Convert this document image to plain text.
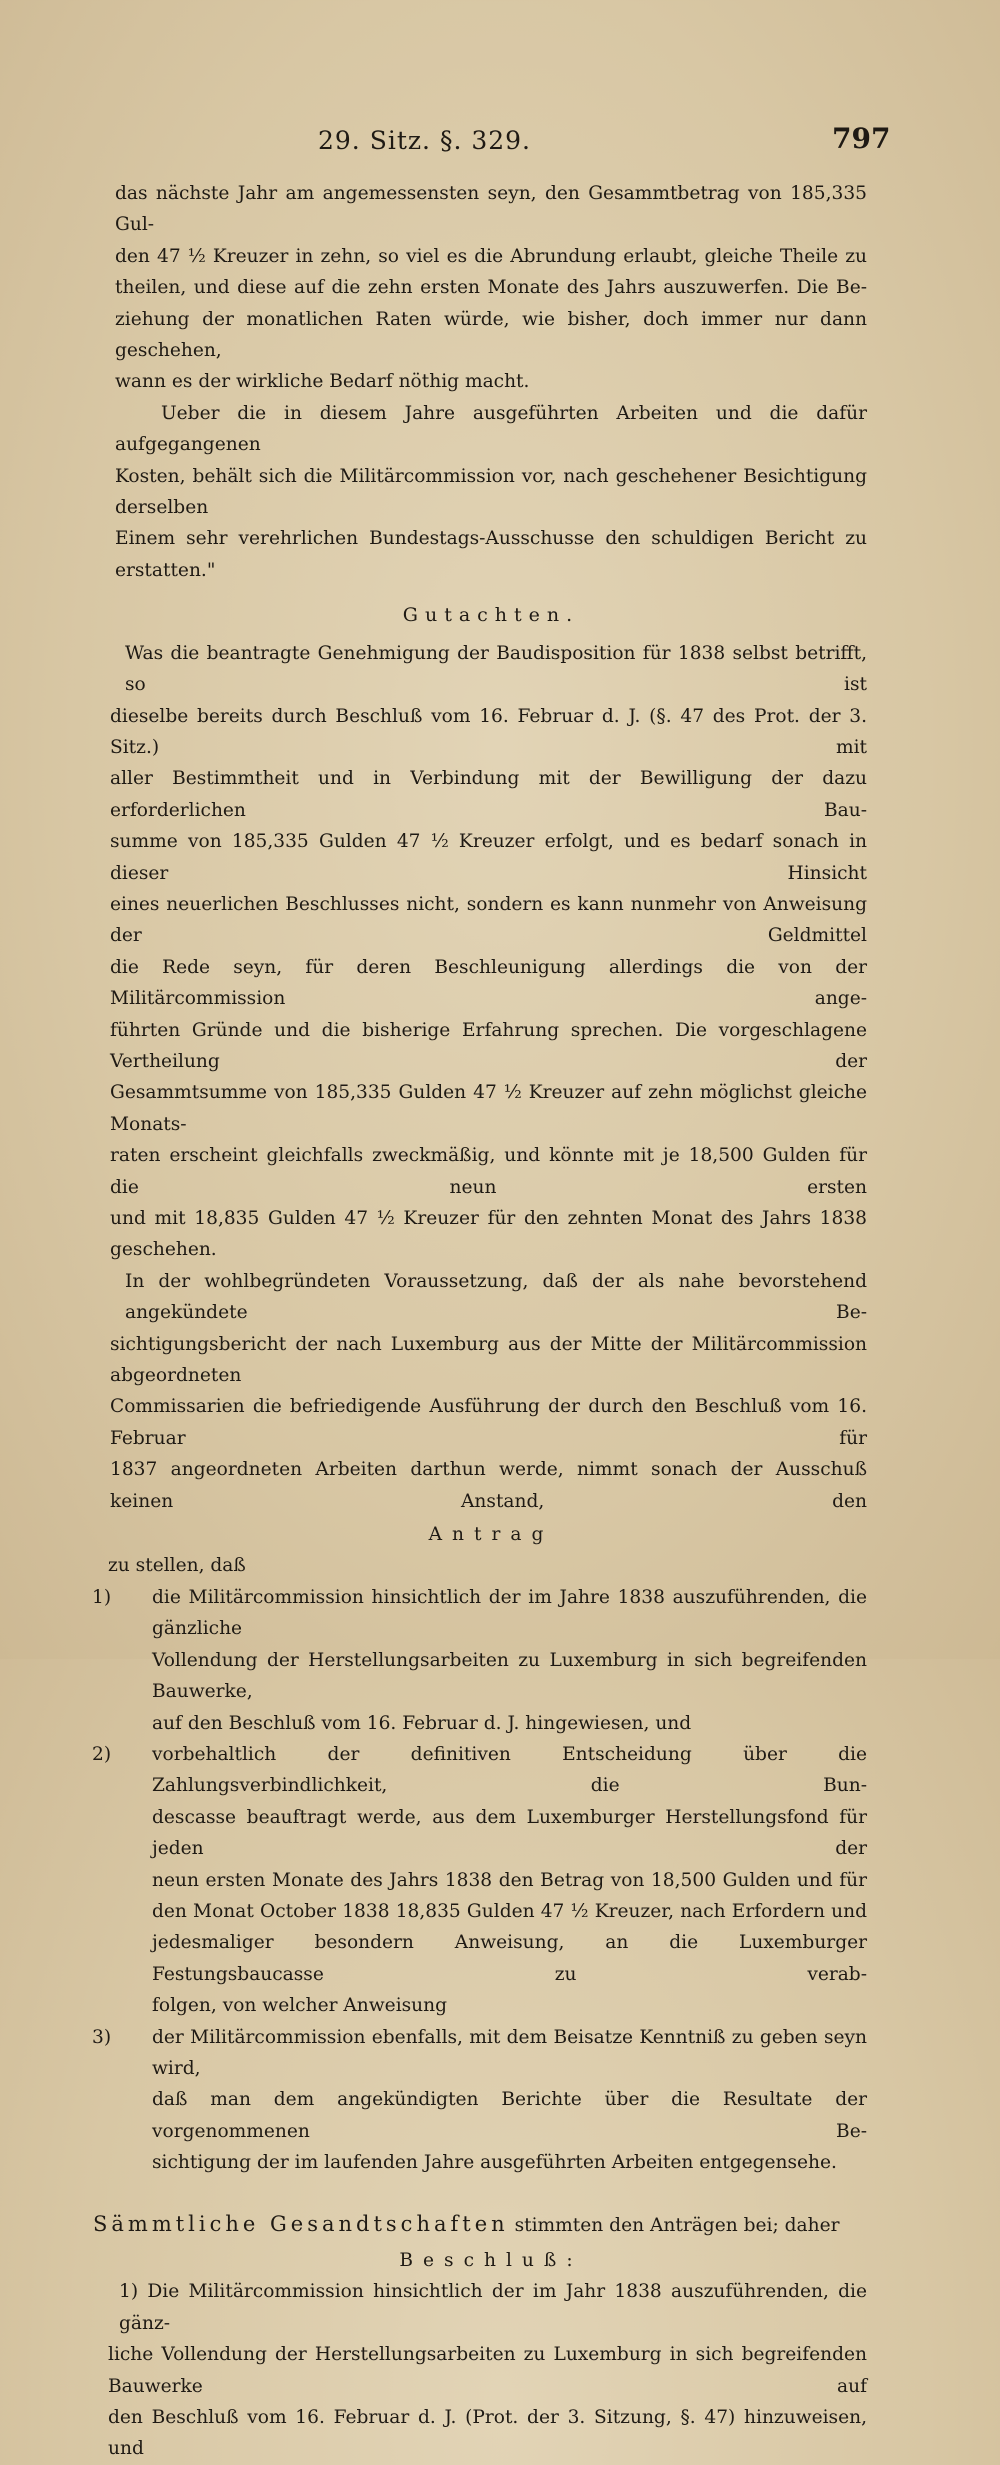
29. Sitz. §. 329.	797

das nächste Jahr am angemessensten seyn, den Gesammtbetrag von 185,335 Gul-

den 47 ½ Kreuzer in zehn, so viel es die Abrundung erlaubt, gleiche Theile zu

theilen, und diese auf die zehn ersten Monate des Jahrs auszuwerfen. Die Be-

ziehung der monatlichen Raten würde, wie bisher, doch immer nur dann geschehen,

wann es der wirkliche Bedarf nöthig macht.

Ueber die in diesem Jahre ausgeführten Arbeiten und die dafür aufgegangenen

Kosten, behält sich die Militärcommission vor, nach geschehener Besichtigung derselben

Einem sehr verehrlichen Bundestags-Ausschusse den schuldigen Bericht zu erstatten."

Gutachten.

Was die beantragte Genehmigung der Baudisposition für 1838 selbst betrifft, so ist

dieselbe bereits durch Beschluß vom 16. Februar d. J. (§. 47 des Prot. der 3. Sitz.) mit

aller Bestimmtheit und in Verbindung mit der Bewilligung der dazu erforderlichen Bau-

summe von 185,335 Gulden 47 ½ Kreuzer erfolgt, und es bedarf sonach in dieser Hinsicht

eines neuerlichen Beschlusses nicht, sondern es kann nunmehr von Anweisung der Geldmittel

die Rede seyn, für deren Beschleunigung allerdings die von der Militärcommission ange-

führten Gründe und die bisherige Erfahrung sprechen. Die vorgeschlagene Vertheilung der

Gesammtsumme von 185,335 Gulden 47 ½ Kreuzer auf zehn möglichst gleiche Monats-

raten erscheint gleichfalls zweckmäßig, und könnte mit je 18,500 Gulden für die neun ersten

und mit 18,835 Gulden 47 ½ Kreuzer für den zehnten Monat des Jahrs 1838 geschehen.

In der wohlbegründeten Voraussetzung, daß der als nahe bevorstehend angekündete Be-

sichtigungsbericht der nach Luxemburg aus der Mitte der Militärcommission abgeordneten

Commissarien die befriedigende Ausführung der durch den Beschluß vom 16. Februar für

1837 angeordneten Arbeiten darthun werde, nimmt sonach der Ausschuß keinen Anstand, den

Antrag

zu stellen, daß

1) die Militärcommission hinsichtlich der im Jahre 1838 auszuführenden, die gänzliche

Vollendung der Herstellungsarbeiten zu Luxemburg in sich begreifenden Bauwerke,

auf den Beschluß vom 16. Februar d. J. hingewiesen, und

2) vorbehaltlich der definitiven Entscheidung über die Zahlungsverbindlichkeit, die Bun-

descasse beauftragt werde, aus dem Luxemburger Herstellungsfond für jeden der

neun ersten Monate des Jahrs 1838 den Betrag von 18,500 Gulden und für

den Monat October 1838 18,835 Gulden 47 ½ Kreuzer, nach Erfordern und

jedesmaliger besondern Anweisung, an die Luxemburger Festungsbaucasse zu verab-

folgen, von welcher Anweisung

3) der Militärcommission ebenfalls, mit dem Beisatze Kenntniß zu geben seyn wird,

daß man dem angekündigten Berichte über die Resultate der vorgenommenen Be-

sichtigung der im laufenden Jahre ausgeführten Arbeiten entgegensehe.

Sämmtliche Gesandtschaften stimmten den Anträgen bei; daher

Beschluß:

1) Die Militärcommission hinsichtlich der im Jahr 1838 auszuführenden, die gänz-

liche Vollendung der Herstellungsarbeiten zu Luxemburg in sich begreifenden Bauwerke auf

den Beschluß vom 16. Februar d. J. (Prot. der 3. Sitzung, §. 47) hinzuweisen, und
